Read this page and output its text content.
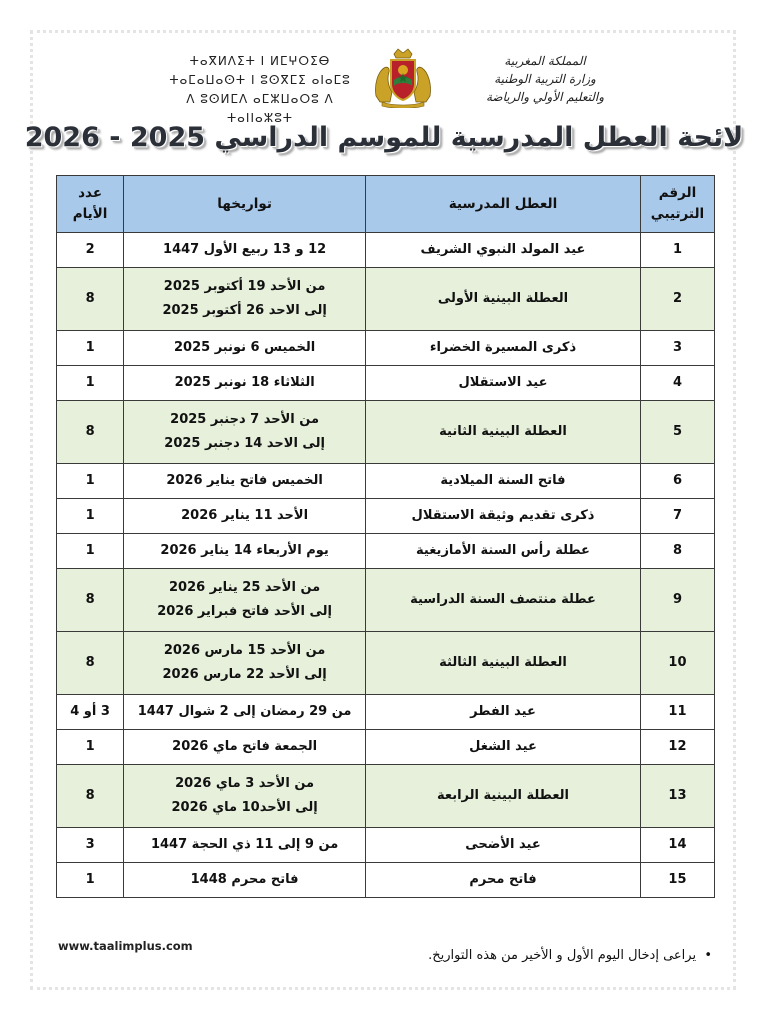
ⵜⴰⴳⵍⴷⵉⵜ ⵏ ⵍⵎⵖⵔⵉⴱ
ⵜⴰⵎⴰⵡⴰⵙⵜ ⵏ ⵓⵙⴳⵎⵉ ⴰⵏⴰⵎⵓ
ⴷ ⵓⵙⵍⵎⴷ ⴰⵎⵣⵡⴰⵔⵓ ⴷ ⵜⴰⵏⵏⴰⵣⵓⵜ
المملكة المغربية
وزارة التربية الوطنية
والتعليم الأولي والرياضة
لائحة العطل المدرسية للموسم الدراسي 2025 - 2026
الرقم الترتيبي	العطل المدرسية	تواريخها	عدد الأيام
1	عيد المولد النبوي الشريف	12 و 13 ربيع الأول 1447	2
2	العطلة البينية الأولى	من الأحد 19 أكتوبر 2025
إلى الاحد 26 أكتوبر 2025	8
3	ذكرى المسيرة الخضراء	الخميس 6 نونبر 2025	1
4	عيد الاستقلال	الثلاثاء 18 نونبر 2025	1
5	العطلة البينية الثانية	من الأحد 7 دجنبر 2025
إلى الاحد 14 دجنبر 2025	8
6	فاتح السنة الميلادية	الخميس فاتح يناير 2026	1
7	ذكرى تقديم وثيقة الاستقلال	الأحد 11 يناير 2026	1
8	عطلة رأس السنة الأمازيغية	يوم الأربعاء 14 يناير 2026	1
9	عطلة منتصف السنة الدراسية	من الأحد 25 يناير 2026
إلى الأحد فاتح فبراير 2026	8
10	العطلة البينية الثالثة	من الأحد 15 مارس 2026
إلى الأحد 22 مارس 2026	8
11	عيد الفطر	من 29 رمضان إلى 2 شوال 1447	3 أو 4
12	عيد الشغل	الجمعة فاتح ماي 2026	1
13	العطلة البينية الرابعة	من الأحد 3 ماي 2026
إلى الأحد10 ماي 2026	8
14	عيد الأضحى	من 9 إلى 11 ذي الحجة 1447	3
15	فاتح محرم	فاتح محرم 1448	1
www.taalimplus.com
•  يراعى إدخال اليوم الأول و الأخير من هذه التواريخ.
